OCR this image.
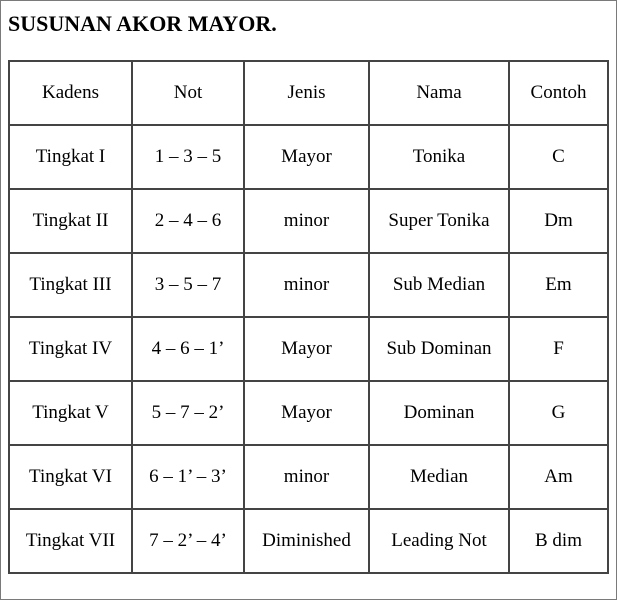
SUSUNAN AKOR MAYOR.
Kadens	Not	Jenis	Nama	Contoh
Tingkat I	1 – 3 – 5	Mayor	Tonika	C
Tingkat II	2 – 4 – 6	minor	Super Tonika	Dm
Tingkat III	3 – 5 – 7	minor	Sub Median	Em
Tingkat IV	4 – 6 – 1’	Mayor	Sub Dominan	F
Tingkat V	5 – 7 – 2’	Mayor	Dominan	G
Tingkat VI	6 – 1’ – 3’	minor	Median	Am
Tingkat VII	7 – 2’ – 4’	Diminished	Leading Not	B dim
